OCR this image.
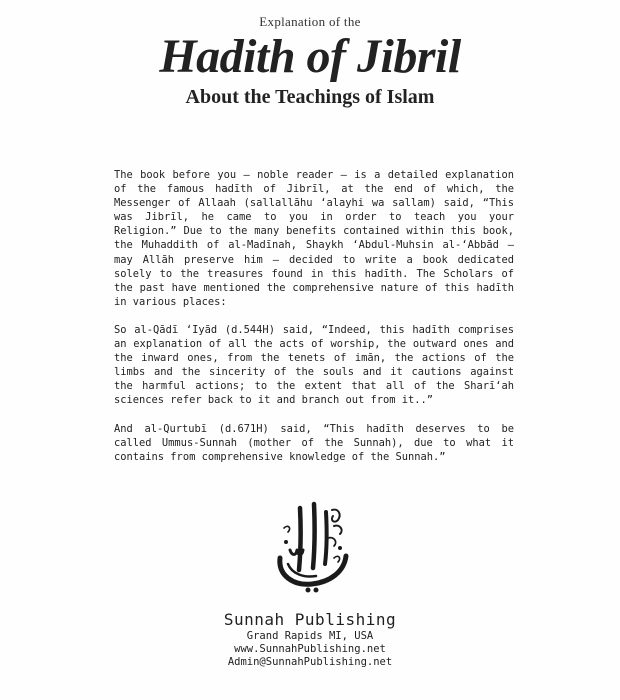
Explanation of the

Hadith of Jibril
About the Teachings of Islam

The book before you – noble reader – is a detailed explanation of the famous hadīth of Jibrīl, at the end of which, the Messenger of Allaah (sallallāhu ʻalayhi wa sallam) said, “This was Jibrīl, he came to you in order to teach you your Religion.” Due to the many benefits contained within this book, the Muhaddith of al-Madīnah, Shaykh ʻAbdul-Muhsin al-ʻAbbād – may Allāh preserve him – decided to write a book dedicated solely to the treasures found in this hadīth. The Scholars of the past have mentioned the comprehensive nature of this hadīth in various places:

So al-Qādī ʻIyād (d.544H) said, “Indeed, this hadīth comprises an explanation of all the acts of worship, the outward ones and the inward ones, from the tenets of imān, the actions of the limbs and the sincerity of the souls and it cautions against the harmful actions; to the extent that all of the Sharīʻah sciences refer back to it and branch out from it..”

And al-Qurtubī (d.671H) said, “This hadīth deserves to be called Ummus-Sunnah (mother of the Sunnah), due to what it contains from comprehensive knowledge of the Sunnah.”

Sunnah Publishing

Grand Rapids MI, USA

www.SunnahPublishing.net

Admin@SunnahPublishing.net
